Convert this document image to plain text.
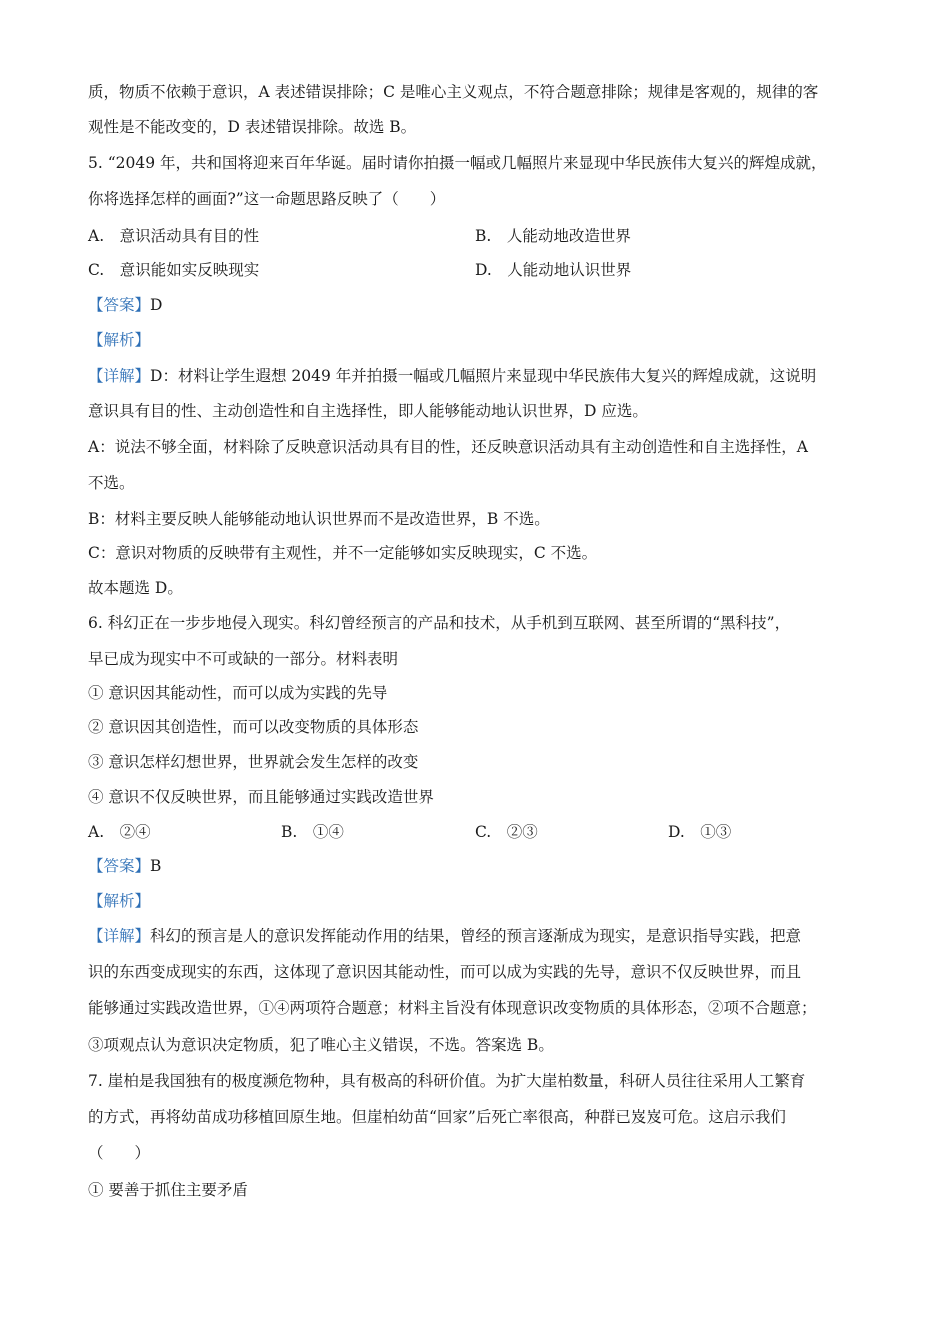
质，物质不依赖于意识，A 表述错误排除；C 是唯心主义观点，不符合题意排除；规律是客观的，规律的客
观性是不能改变的，D 表述错误排除。故选 B。
5. “2049 年，共和国将迎来百年华诞。届时请你拍摄一幅或几幅照片来显现中华民族伟大复兴的辉煌成就，
你将选择怎样的画面?”这一命题思路反映了（　　）
A.　意识活动具有目的性	B.　人能动地改造世界
C.　意识能如实反映现实	D.　人能动地认识世界
【答案】D
【解析】
【详解】D：材料让学生遐想 2049 年并拍摄一幅或几幅照片来显现中华民族伟大复兴的辉煌成就，这说明
意识具有目的性、主动创造性和自主选择性，即人能够能动地认识世界，D 应选。
A：说法不够全面，材料除了反映意识活动具有目的性，还反映意识活动具有主动创造性和自主选择性，A
不选。
B：材料主要反映人能够能动地认识世界而不是改造世界，B 不选。
C：意识对物质的反映带有主观性，并不一定能够如实反映现实，C 不选。
故本题选 D。
6. 科幻正在一步步地侵入现实。科幻曾经预言的产品和技术，从手机到互联网、甚至所谓的“黑科技”，
早已成为现实中不可或缺的一部分。材料表明
① 意识因其能动性，而可以成为实践的先导
② 意识因其创造性，而可以改变物质的具体形态
③ 意识怎样幻想世界，世界就会发生怎样的改变
④ 意识不仅反映世界，而且能够通过实践改造世界
A.　②④	B.　①④	C.　②③	D.　①③
【答案】B
【解析】
【详解】科幻的预言是人的意识发挥能动作用的结果，曾经的预言逐渐成为现实，是意识指导实践，把意
识的东西变成现实的东西，这体现了意识因其能动性，而可以成为实践的先导，意识不仅反映世界，而且
能够通过实践改造世界，①④两项符合题意；材料主旨没有体现意识改变物质的具体形态，②项不合题意；
③项观点认为意识决定物质，犯了唯心主义错误，不选。答案选 B。
7. 崖柏是我国独有的极度濒危物种，具有极高的科研价值。为扩大崖柏数量，科研人员往往采用人工繁育
的方式，再将幼苗成功移植回原生地。但崖柏幼苗“回家”后死亡率很高，种群已岌岌可危。这启示我们
（　　）
① 要善于抓住主要矛盾
